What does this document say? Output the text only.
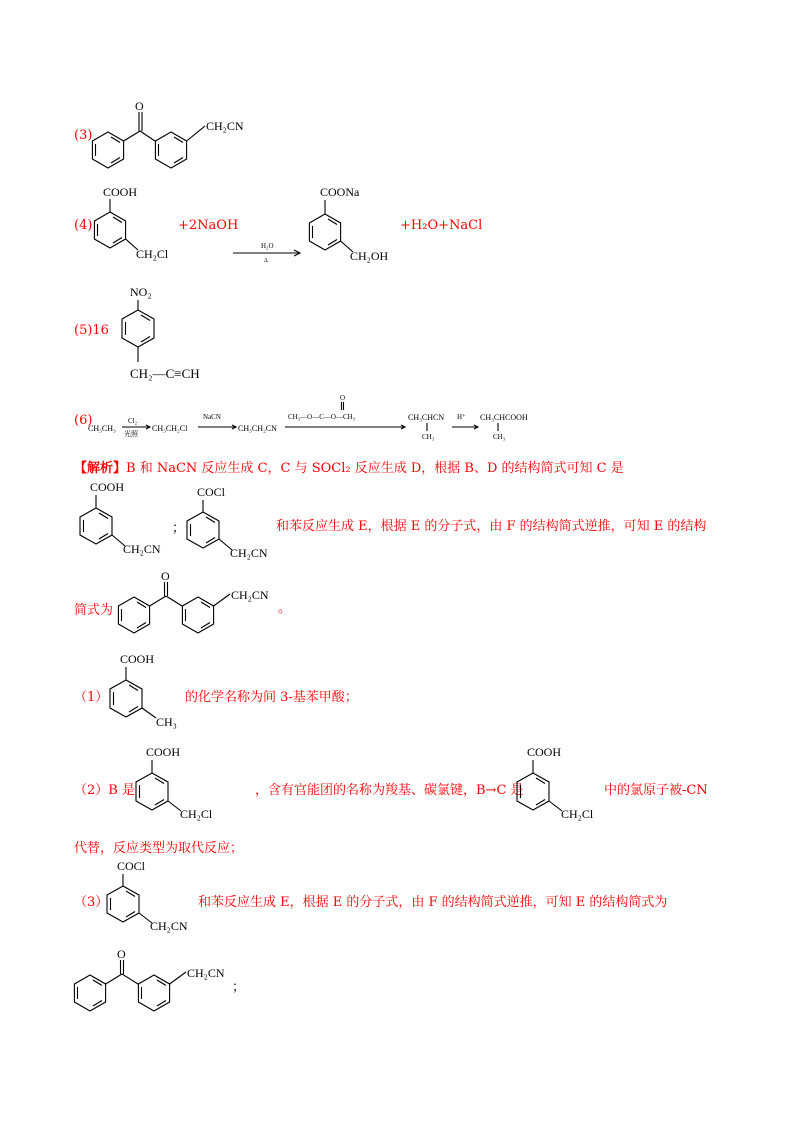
(3)
O
CH₂CN
(4)
COOH
CH₂Cl
+2NaOH
H₂O
Δ
COONa
CH₂OH
+H₂O+NaCl
(5)16
NO₂
CH₂—C≡CH
(6)
CH₃CH₃
Cl₂
光照
CH₃CH₂Cl
NaCN
CH₃CH₂CN
O
CH₃—O—C—O—CH₃	CH₃CHCN
CH₃
H⁺ CH₃CHCOOH
CH₃
【解析】B 和 NaCN 反应生成 C，C 与 SOCl₂ 反应生成 D，根据 B、D 的结构简式可知 C 是
COOH
CH₂CN
；
COCl
CH₂CN
和苯反应生成 E，根据 E 的分子式，由 F 的结构简式逆推，可知 E 的结构
简式为
O
CH₂CN
。
（1）
COOH
CH₃
的化学名称为间 3-基苯甲酸；
（2）B 是
COOH
CH₂Cl
，含有官能团的名称为羧基、碳氯键，B→C 是
COOH
CH₂Cl
中的氯原子被-CN
代替，反应类型为取代反应；
（3）
COCl
CH₂CN
和苯反应生成 E，根据 E 的分子式，由 F 的结构简式逆推，可知 E 的结构简式为
O
CH₂CN
；
